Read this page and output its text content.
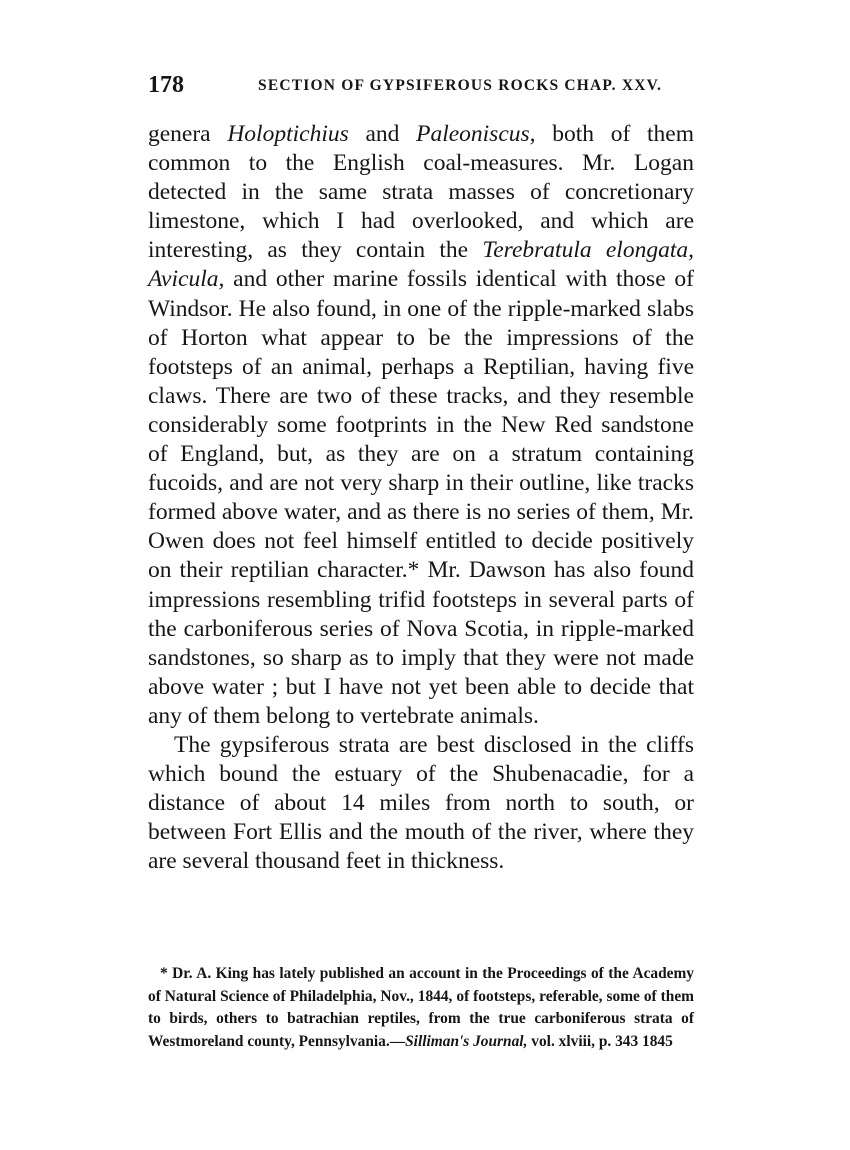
178	SECTION OF GYPSIFEROUS ROCKS CHAP. XXV.

genera Holoptichius and Paleoniscus, both of them common to the English coal-measures. Mr. Logan detected in the same strata masses of concretionary limestone, which I had overlooked, and which are interesting, as they contain the Terebratula elongata, Avicula, and other marine fossils identical with those of Windsor. He also found, in one of the ripple-marked slabs of Horton what appear to be the impressions of the footsteps of an animal, perhaps a Reptilian, having five claws. There are two of these tracks, and they resemble considerably some footprints in the New Red sandstone of England, but, as they are on a stratum containing fucoids, and are not very sharp in their outline, like tracks formed above water, and as there is no series of them, Mr. Owen does not feel himself entitled to decide positively on their reptilian character.* Mr. Dawson has also found impressions resembling trifid footsteps in several parts of the carboniferous series of Nova Scotia, in ripple-marked sandstones, so sharp as to imply that they were not made above water ; but I have not yet been able to decide that any of them belong to vertebrate animals.

The gypsiferous strata are best disclosed in the cliffs which bound the estuary of the Shubenacadie, for a distance of about 14 miles from north to south, or between Fort Ellis and the mouth of the river, where they are several thousand feet in thickness.

* Dr. A. King has lately published an account in the Proceedings of the Academy of Natural Science of Philadelphia, Nov., 1844, of footsteps, referable, some of them to birds, others to batrachian reptiles, from the true carboniferous strata of Westmoreland county, Pennsylvania.—Silliman's Journal, vol. xlviii, p. 343 1845
